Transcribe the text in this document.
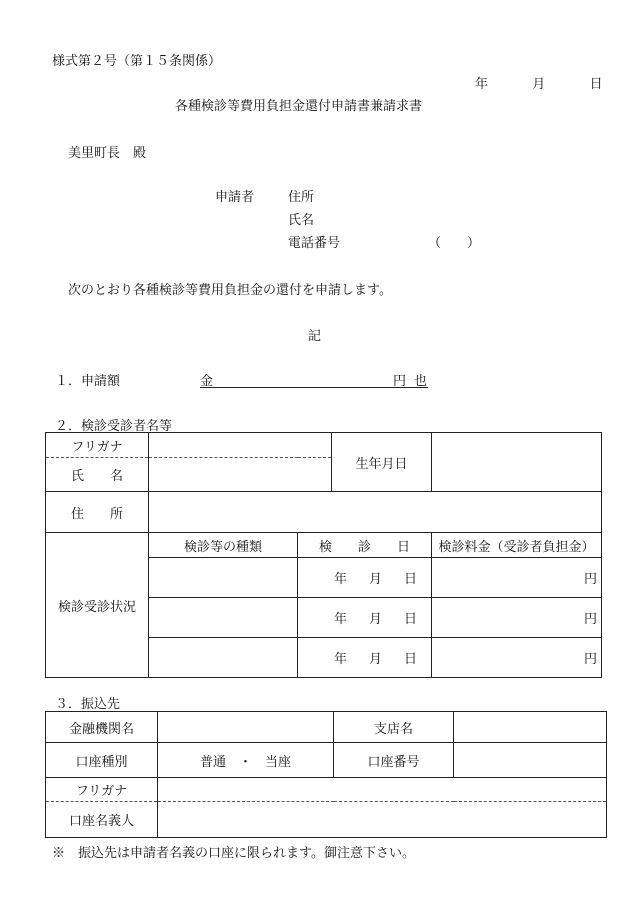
様式第２号（第１５条関係）
年	月	日
各種検診等費用負担金還付申請書兼請求書
美里町長　殿
申請者	住所
氏名
電話番号	（　　）
次のとおり各種検診等費用負担金の還付を申請します。
記
１．申請額	金	円 也
２．検診受診者名等
フリガナ		生年月日	
氏　　名			
住　　所			
検診受診状況	検診等の種類	検　　診　　日	検診料金（受診者負担金）
		年 月 日	円
		年 月 日	円
		年 月 日	円
３．振込先
金融機関名		支店名	
口座種別	普通　・　当座	口座番号	
フリガナ			
口座名義人			
※　振込先は申請者名義の口座に限られます。御注意下さい。
